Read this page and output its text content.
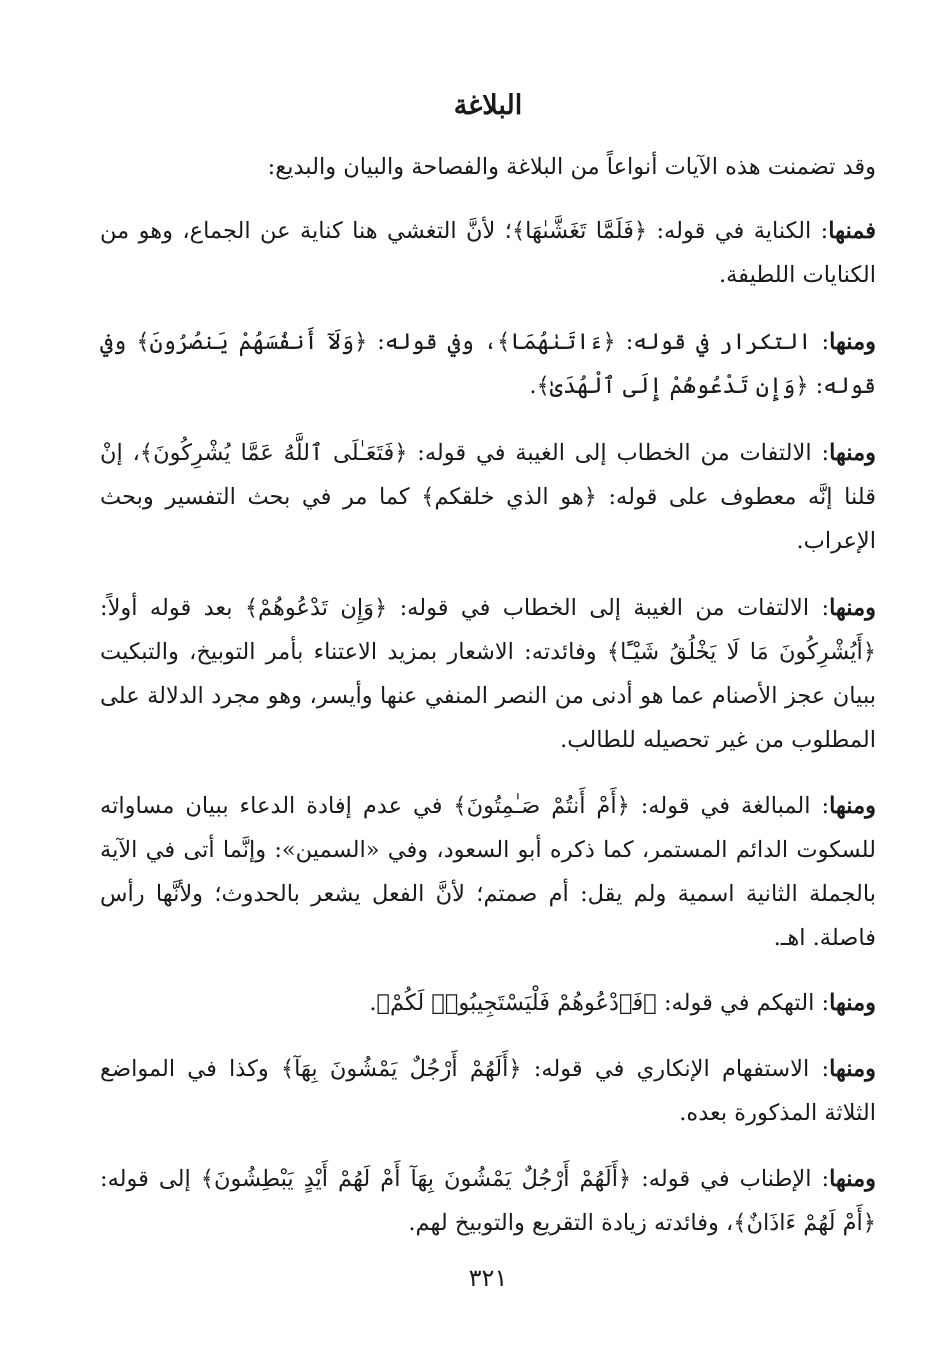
البلاغة

وقد تضمنت هذه الآيات أنواعاً من البلاغة والفصاحة والبيان والبديع:

فمنها: الكناية في قوله: ﴿فَلَمَّا تَغَشَّىٰهَا﴾؛ لأنَّ التغشي هنا كناية عن الجماع، وهو من الكنايات اللطيفة.

ومنها: التكرار في قوله: ﴿ءَاتَىٰهُمَا﴾، وفي قوله: ﴿وَلَآ أَنفُسَهُمْ يَنصُرُونَ﴾ وفي قوله: ﴿وَإِن تَدْعُوهُمْ إِلَى ٱلْهُدَىٰ﴾.

ومنها: الالتفات من الخطاب إلى الغيبة في قوله: ﴿فَتَعَـٰلَى ٱللَّهُ عَمَّا يُشْرِكُونَ﴾، إنْ قلنا إنَّه معطوف على قوله: ﴿هو الذي خلقكم﴾ كما مر في بحث التفسير وبحث الإعراب.

ومنها: الالتفات من الغيبة إلى الخطاب في قوله: ﴿وَإِن تَدْعُوهُمْ﴾ بعد قوله أولاً: ﴿أَيُشْرِكُونَ مَا لَا يَخْلُقُ شَيْـًٔا﴾ وفائدته: الاشعار بمزيد الاعتناء بأمر التوبيخ، والتبكيت ببيان عجز الأصنام عما هو أدنى من النصر المنفي عنها وأيسر، وهو مجرد الدلالة على المطلوب من غير تحصيله للطالب.

ومنها: المبالغة في قوله: ﴿أَمْ أَنتُمْ صَـٰمِتُونَ﴾ في عدم إفادة الدعاء ببيان مساواته للسكوت الدائم المستمر، كما ذكره أبو السعود، وفي «السمين»: وإنَّما أتى في الآية بالجملة الثانية اسمية ولم يقل: أم صمتم؛ لأنَّ الفعل يشعر بالحدوث؛ ولأنَّها رأس فاصلة. اهـ.

ومنها: التهكم في قوله: ﴿فَٱدْعُوهُمْ فَلْيَسْتَجِيبُوا۟ لَكُمْ﴾.

ومنها: الاستفهام الإنكاري في قوله: ﴿أَلَهُمْ أَرْجُلٌ يَمْشُونَ بِهَآ﴾ وكذا في المواضع الثلاثة المذكورة بعده.

ومنها: الإطناب في قوله: ﴿أَلَهُمْ أَرْجُلٌ يَمْشُونَ بِهَآ أَمْ لَهُمْ أَيْدٍ يَبْطِشُونَ﴾ إلى قوله: ﴿أَمْ لَهُمْ ءَاذَانٌ﴾، وفائدته زيادة التقريع والتوبيخ لهم.

٣٢١
